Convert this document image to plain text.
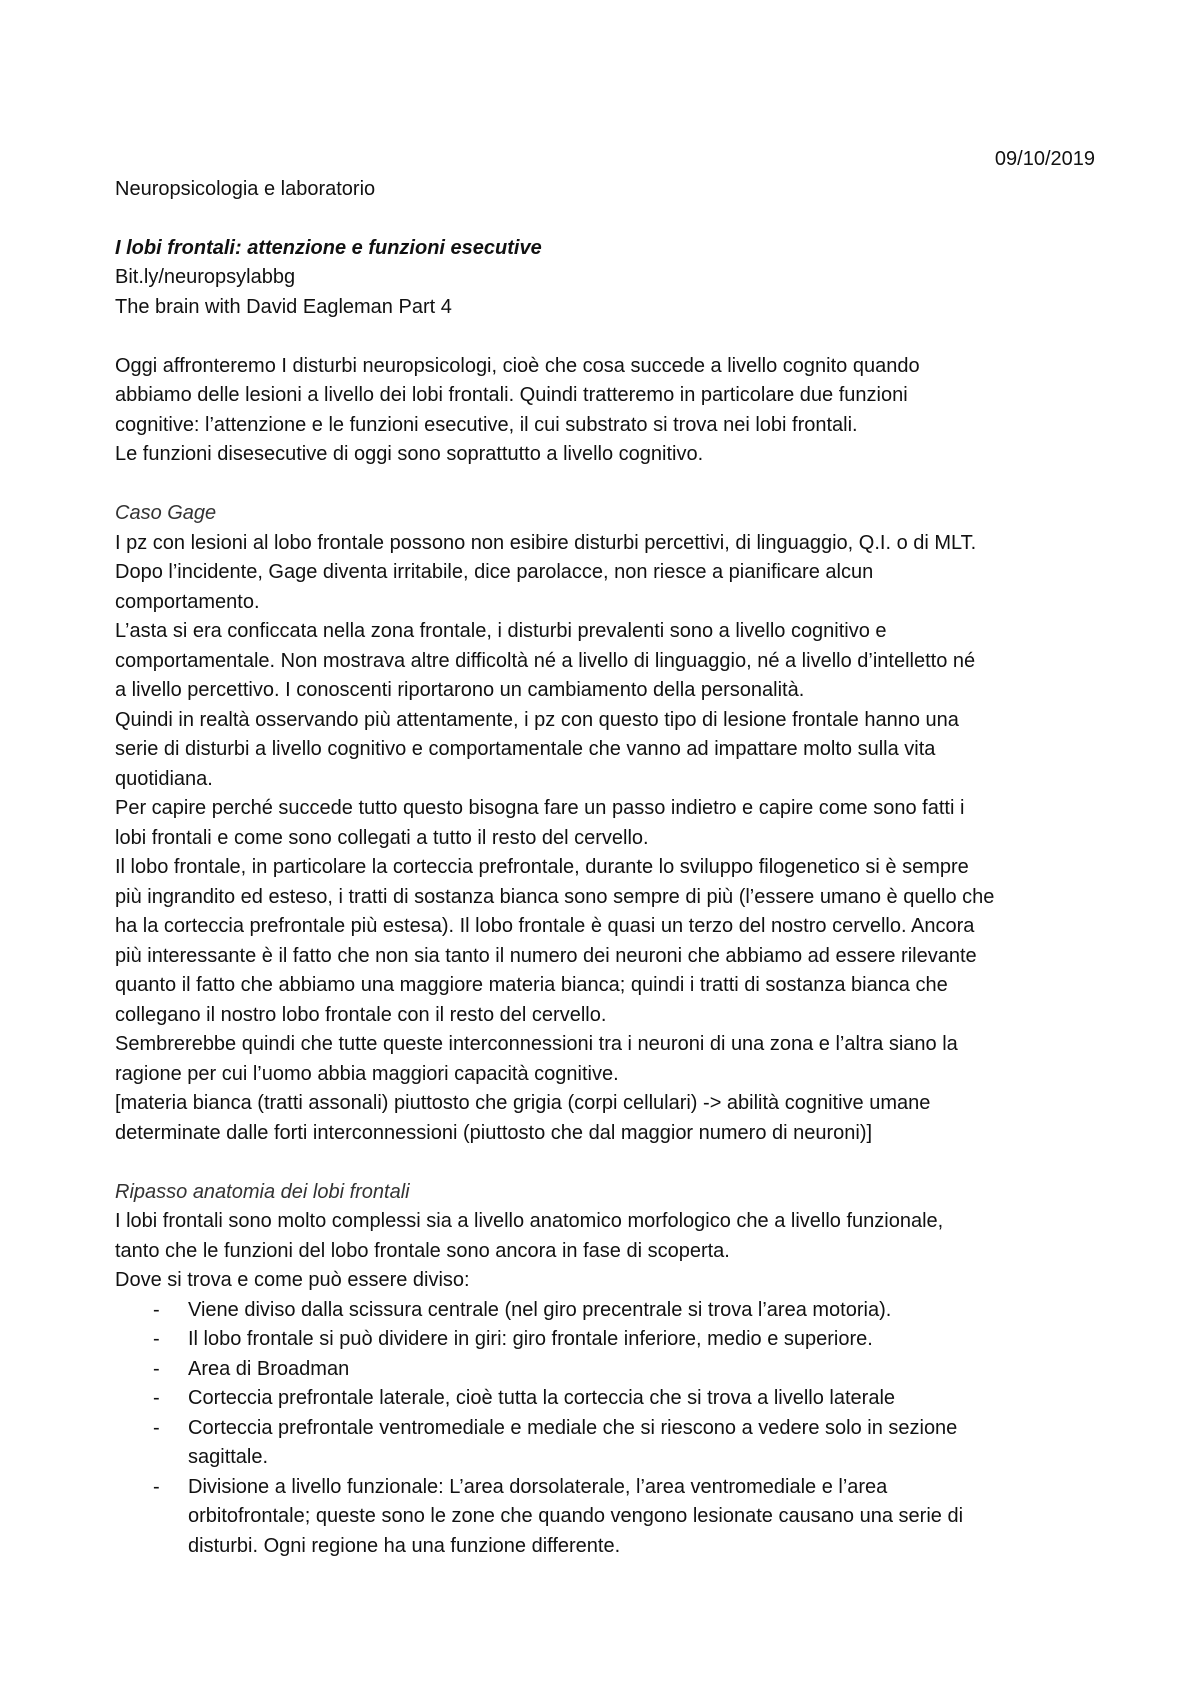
09/10/2019

Neuropsicologia e laboratorio

I lobi frontali: attenzione e funzioni esecutive

Bit.ly/neuropsylabbg

The brain with David Eagleman Part 4

Oggi affronteremo I disturbi neuropsicologi, cioè che cosa succede a livello cognito quando

abbiamo delle lesioni a livello dei lobi frontali. Quindi tratteremo in particolare due funzioni

cognitive: l’attenzione e le funzioni esecutive, il cui substrato si trova nei lobi frontali.

Le funzioni disesecutive di oggi sono soprattutto a livello cognitivo.

Caso Gage

I pz con lesioni al lobo frontale possono non esibire disturbi percettivi, di linguaggio, Q.I. o di MLT.

Dopo l’incidente, Gage diventa irritabile, dice parolacce, non riesce a pianificare alcun

comportamento.

L’asta si era conficcata nella zona frontale, i disturbi prevalenti sono a livello cognitivo e

comportamentale. Non mostrava altre difficoltà né a livello di linguaggio, né a livello d’intelletto né

a livello percettivo. I conoscenti riportarono un cambiamento della personalità.

Quindi in realtà osservando più attentamente, i pz con questo tipo di lesione frontale hanno una

serie di disturbi a livello cognitivo e comportamentale che vanno ad impattare molto sulla vita

quotidiana.

Per capire perché succede tutto questo bisogna fare un passo indietro e capire come sono fatti i

lobi frontali e come sono collegati a tutto il resto del cervello.

Il lobo frontale, in particolare la corteccia prefrontale, durante lo sviluppo filogenetico si è sempre

più ingrandito ed esteso, i tratti di sostanza bianca sono sempre di più (l’essere umano è quello che

ha la corteccia prefrontale più estesa). Il lobo frontale è quasi un terzo del nostro cervello. Ancora

più interessante è il fatto che non sia tanto il numero dei neuroni che abbiamo ad essere rilevante

quanto il fatto che abbiamo una maggiore materia bianca; quindi i tratti di sostanza bianca che

collegano il nostro lobo frontale con il resto del cervello.

Sembrerebbe quindi che tutte queste interconnessioni tra i neuroni di una zona e l’altra siano la

ragione per cui l’uomo abbia maggiori capacità cognitive.

[materia bianca (tratti assonali) piuttosto che grigia (corpi cellulari) -> abilità cognitive umane

determinate dalle forti interconnessioni (piuttosto che dal maggior numero di neuroni)]

Ripasso anatomia dei lobi frontali

I lobi frontali sono molto complessi sia a livello anatomico morfologico che a livello funzionale,

tanto che le funzioni del lobo frontale sono ancora in fase di scoperta.

Dove si trova e come può essere diviso:

- Viene diviso dalla scissura centrale (nel giro precentrale si trova l’area motoria).

- Il lobo frontale si può dividere in giri: giro frontale inferiore, medio e superiore.

- Area di Broadman

- Corteccia prefrontale laterale, cioè tutta la corteccia che si trova a livello laterale

- Corteccia prefrontale ventromediale e mediale che si riescono a vedere solo in sezione

sagittale.

- Divisione a livello funzionale: L’area dorsolaterale, l’area ventromediale e l’area

orbitofrontale; queste sono le zone che quando vengono lesionate causano una serie di

disturbi. Ogni regione ha una funzione differente.
